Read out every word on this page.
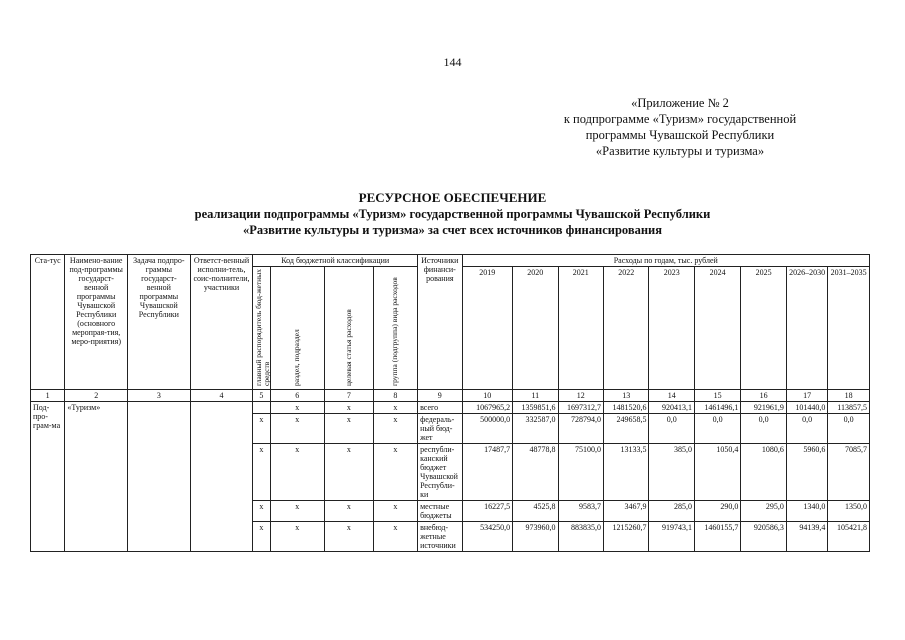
144
«Приложение № 2
к подпрограмме «Туризм» государственной
программы Чувашской Республики
«Развитие культуры и туризма»
РЕСУРСНОЕ ОБЕСПЕЧЕНИЕ
реализации подпрограммы «Туризм» государственной программы Чувашской Республики
«Развитие культуры и туризма» за счет всех источников финансирования
Ста-тус	Наимено-вание под-программы государст-венной программы Чувашской Республики (основного меропрая-тия, меро-приятия)	Задача подпро-граммы государст-венной программы Чувашской Республики	Ответст-венный исполни-тель, соис-полнители, участники	Код бюджетной классификации				Источники финанси-рования	Расходы по годам, тыс. рублей								

				главный распорядитель бюд-жетных средств	раздел, подраздел	целевая статья расходов	группа (подгруппа) вида расходов		2019	2020	2021	2022	2023	2024	2025	2026–2030	2031–2035
1	2	3	4	5	6	7	8	9	10	11	12	13	14	15	16	17	18
Под-про-грам-ма	«Туризм»				x	x	x	всего	1067965,2	1359851,6	1697312,7	1481520,6	920413,1	1461496,1	921961,9	101440,0	113857,5
				x	x	x	x	федераль-ный бюд-жет	500000,0	332587,0	728794,0	249658,5	0,0	0,0	0,0	0,0	0,0
				x	x	x	x	республи-канский бюджет Чувашской Республи-ки	17487,7	48778,8	75100,0	13133,5	385,0	1050,4	1080,6	5960,6	7085,7
				x	x	x	x	местные бюджеты	16227,5	4525,8	9583,7	3467,9	285,0	290,0	295,0	1340,0	1350,0
				x	x	x	x	внебюд-жетные источники	534250,0	973960,0	883835,0	1215260,7	919743,1	1460155,7	920586,3	94139,4	105421,8
